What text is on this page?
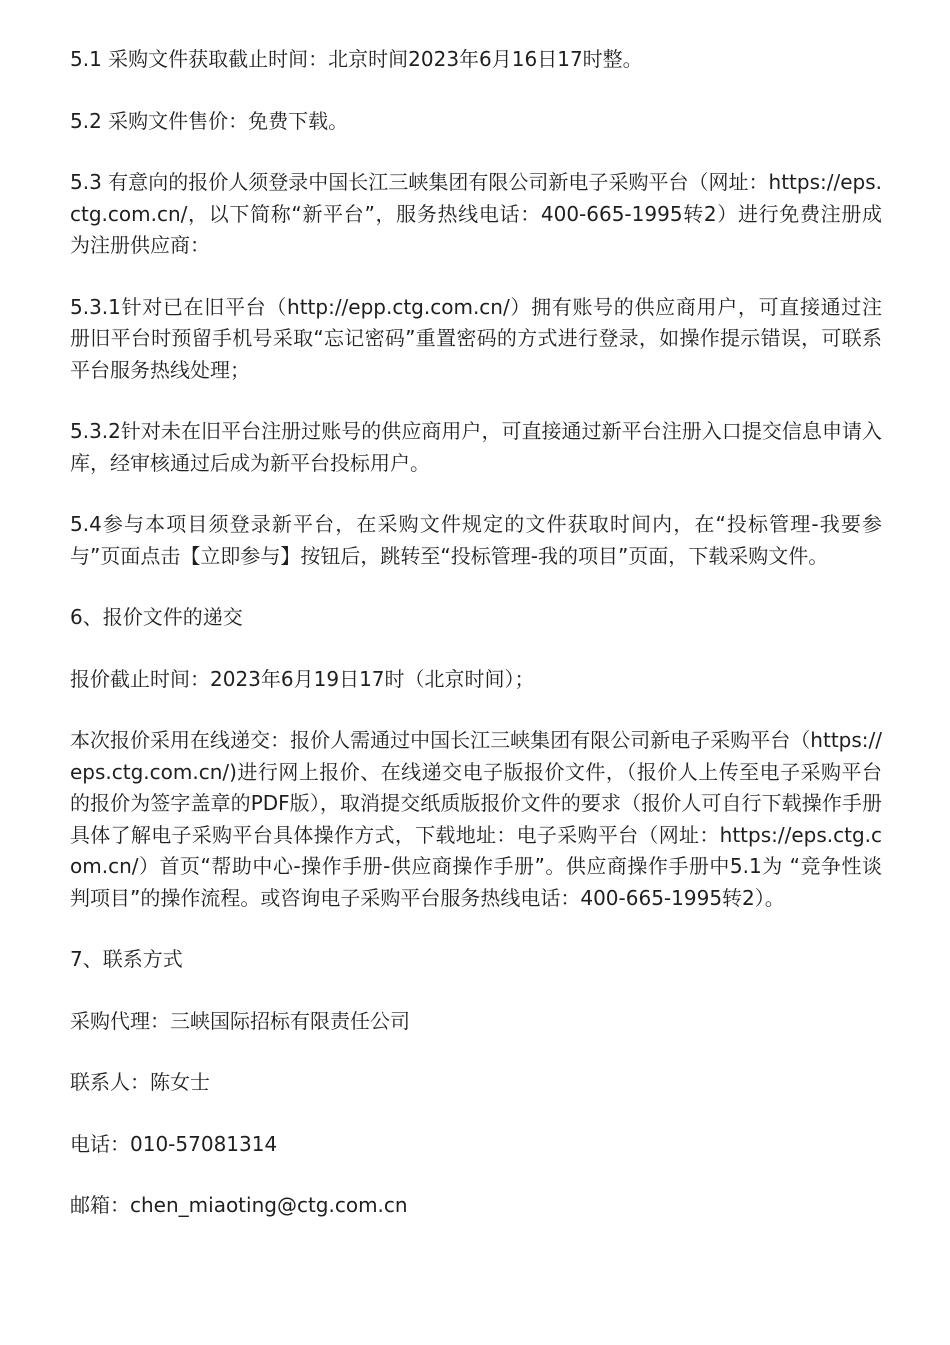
5.1 采购文件获取截止时间：北京时间2023年6月16日17时整。

5.2 采购文件售价：免费下载。

5.3 有意向的报价人须登录中国长江三峡集团有限公司新电子采购平台（网址：https://eps.ctg.com.cn/，以下简称“新平台”，服务热线电话：400-665-1995转2）进行免费注册成为注册供应商：

5.3.1针对已在旧平台（http://epp.ctg.com.cn/）拥有账号的供应商用户，可直接通过注册旧平台时预留手机号采取“忘记密码”重置密码的方式进行登录，如操作提示错误，可联系平台服务热线处理；

5.3.2针对未在旧平台注册过账号的供应商用户，可直接通过新平台注册入口提交信息申请入库，经审核通过后成为新平台投标用户。

5.4参与本项目须登录新平台，在采购文件规定的文件获取时间内，在“投标管理-我要参与”页面点击【立即参与】按钮后，跳转至“投标管理-我的项目”页面，下载采购文件。

6、报价文件的递交

报价截止时间：2023年6月19日17时（北京时间）；

本次报价采用在线递交：报价人需通过中国长江三峡集团有限公司新电子采购平台（https://eps.ctg.com.cn/)进行网上报价、在线递交电子版报价文件，（报价人上传至电子采购平台的报价为签字盖章的PDF版），取消提交纸质版报价文件的要求（报价人可自行下载操作手册具体了解电子采购平台具体操作方式，下载地址：电子采购平台（网址：https://eps.ctg.com.cn/）首页“帮助中心-操作手册-供应商操作手册”。供应商操作手册中5.1为 “竞争性谈判项目”的操作流程。或咨询电子采购平台服务热线电话：400-665-1995转2）。

7、联系方式

采购代理：三峡国际招标有限责任公司

联系人：陈女士

电话：010-57081314

邮箱：chen_miaoting@ctg.com.cn
